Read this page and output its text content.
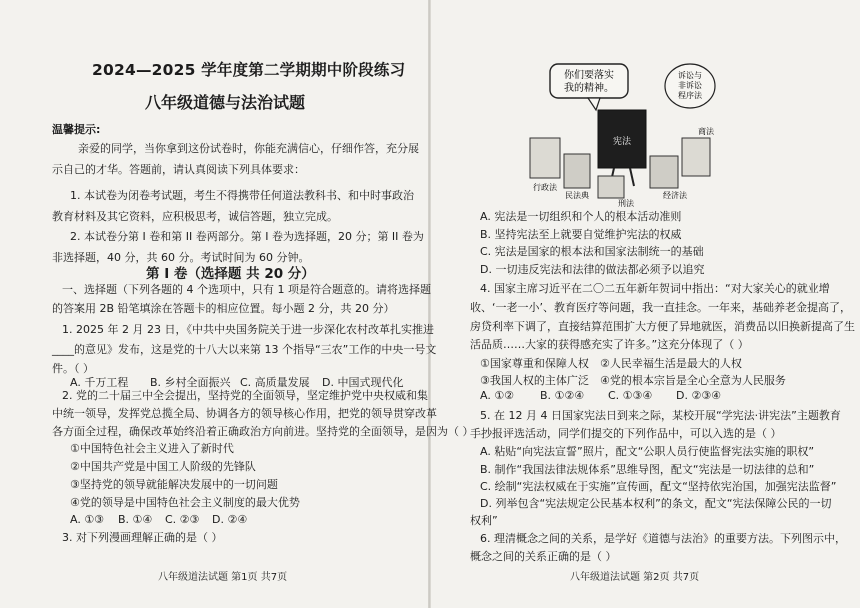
2024—2025 学年度第二学期期中阶段练习
八年级道德与法治试题
温馨提示:
亲爱的同学，当你拿到这份试卷时，你能充满信心，仔细作答，充分展
示自己的才华。答题前，请认真阅读下列具体要求：
1. 本试卷为闭卷考试题，考生不得携带任何道法教科书、和中时事政治
教育材料及其它资料，应积极思考，诚信答题，独立完成。
2. 本试卷分第 I 卷和第 II 卷两部分。第 I 卷为选择题，20 分；第 II 卷为
非选择题，40 分，共 60 分。考试时间为 60 分钟。
第 I 卷（选择题 共 20 分）
一、选择题（下列各题的 4 个选项中，只有 1 项是符合题意的。请将选择题
的答案用 2B 铅笔填涂在答题卡的相应位置。每小题 2 分，共 20 分）
1. 2025 年 2 月 23 日，《中共中央国务院关于进一步深化农村改革扎实推进
____的意见》发布，这是党的十八大以来第 13 个指导“三农”工作的中央一号文
件。（ ）
A. 千万工程 B. 乡村全面振兴 C. 高质量发展 D. 中国式现代化
2. 党的二十届三中全会提出，坚持党的全面领导，坚定维护党中央权威和集
中统一领导，发挥党总揽全局、协调各方的领导核心作用，把党的领导贯穿改革
各方面全过程，确保改革始终沿着正确政治方向前进。坚持党的全面领导，是因为（ ）
①中国特色社会主义进入了新时代
②中国共产党是中国工人阶级的先锋队
③坚持党的领导就能解决发展中的一切问题
④党的领导是中国特色社会主义制度的最大优势
A. ①③ B. ①④ C. ②③ D. ②④
3. 对下列漫画理解正确的是（ ）
八年级道法试题 第1页 共7页
你们要落实
我的精神。
诉讼与
非诉讼
程序法
宪法
商法
行政法
民法典
刑法
经济法
A. 宪法是一切组织和个人的根本活动准则
B. 坚持宪法至上就要自觉维护宪法的权威
C. 宪法是国家的根本法和国家法制统一的基础
D. 一切违反宪法和法律的做法都必须予以追究
4. 国家主席习近平在二〇二五年新年贺词中指出：“对大家关心的就业增
收、‘一老一小’、教育医疗等问题，我一直挂念。一年来，基础养老金提高了，
房贷利率下调了，直接结算范围扩大方便了异地就医，消费品以旧换新提高了生
活品质……大家的获得感充实了许多。”这充分体现了（ ）
①国家尊重和保障人权 ②人民幸福生活是最大的人权
③我国人权的主体广泛 ④党的根本宗旨是全心全意为人民服务
A. ①② B. ①②④ C. ①③④ D. ②③④
5. 在 12 月 4 日国家宪法日到来之际，某校开展“学宪法·讲宪法”主题教育
手抄报评选活动，同学们提交的下列作品中，可以入选的是（ ）
A. 粘贴“向宪法宣誓”照片，配文“公职人员行使监督宪法实施的职权”
B. 制作“我国法律法规体系”思维导图，配文“宪法是一切法律的总和”
C. 绘制“宪法权威在于实施”宣传画，配文“坚持依宪治国，加强宪法监督”
D. 列举包含“宪法规定公民基本权利”的条文，配文“宪法保障公民的一切
权利”
6. 理清概念之间的关系，是学好《道德与法治》的重要方法。下列图示中，
概念之间的关系正确的是（ ）
八年级道法试题 第2页 共7页
